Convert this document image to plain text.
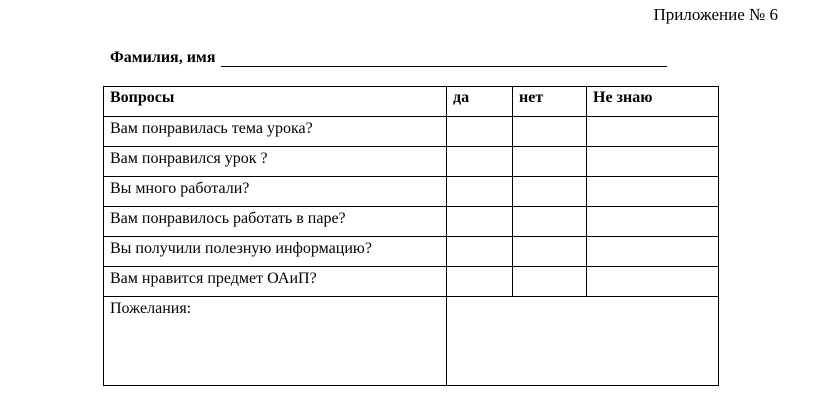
Приложение № 6
Фамилия, имя
Вопросы	да	нет	Не знаю
Вам понравилась тема урока?			
Вам понравился урок ?			
Вы много работали?			
Вам понравилось работать в паре?			
Вы получили полезную информацию?			
Вам нравится предмет ОАиП?			
Пожелания:			
